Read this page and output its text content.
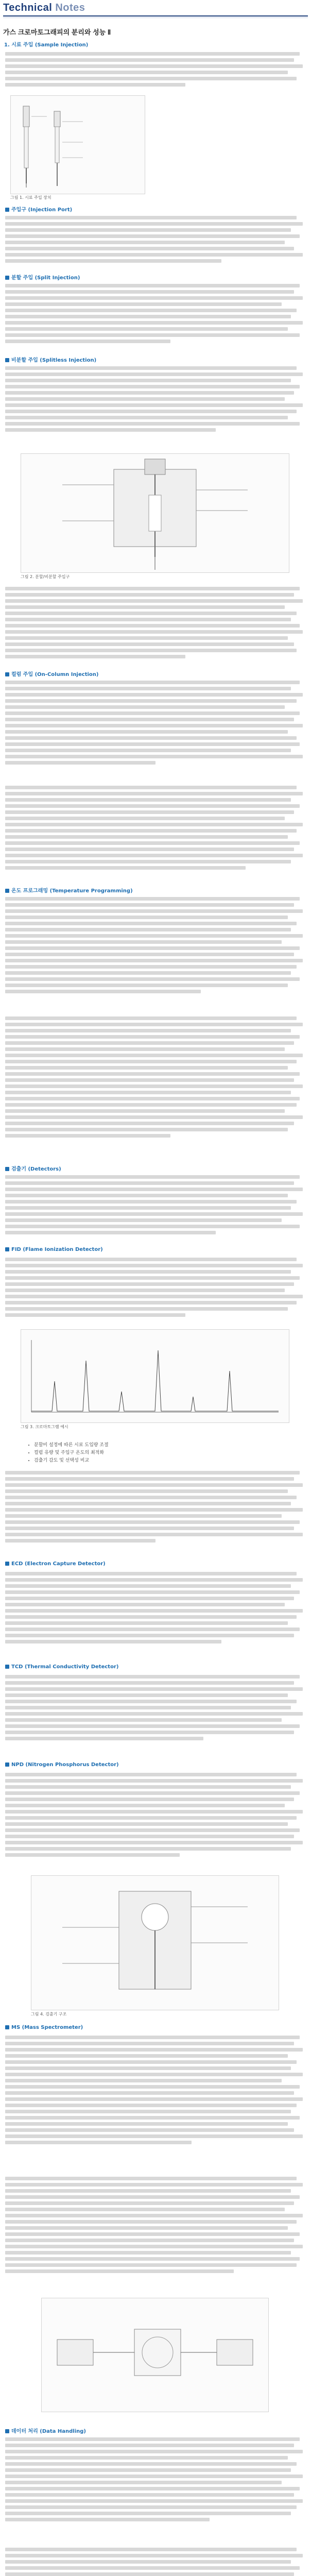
Technical Notes
가스 크로마토그래피의 분리와 성능 Ⅱ
1. 시료 주입 (Sample Injection)
그림 1. 시료 주입 장치
주입구 (Injection Port)
분할 주입 (Split Injection)
비분할 주입 (Splitless Injection)
그림 2. 분할/비분할 주입구
컬럼 주입 (On-Column Injection)
온도 프로그래밍 (Temperature Programming)
검출기 (Detectors)
FID (Flame Ionization Detector)
그림 3. 크로마토그램 예시
• 분할비 설정에 따른 시료 도입량 조절
• 컬럼 유량 및 주입구 온도의 최적화
• 검출기 감도 및 선택성 비교
ECD (Electron Capture Detector)
TCD (Thermal Conductivity Detector)
NPD (Nitrogen Phosphorus Detector)
그림 4. 검출기 구조
MS (Mass Spectrometer)
데이터 처리 (Data Handling)
